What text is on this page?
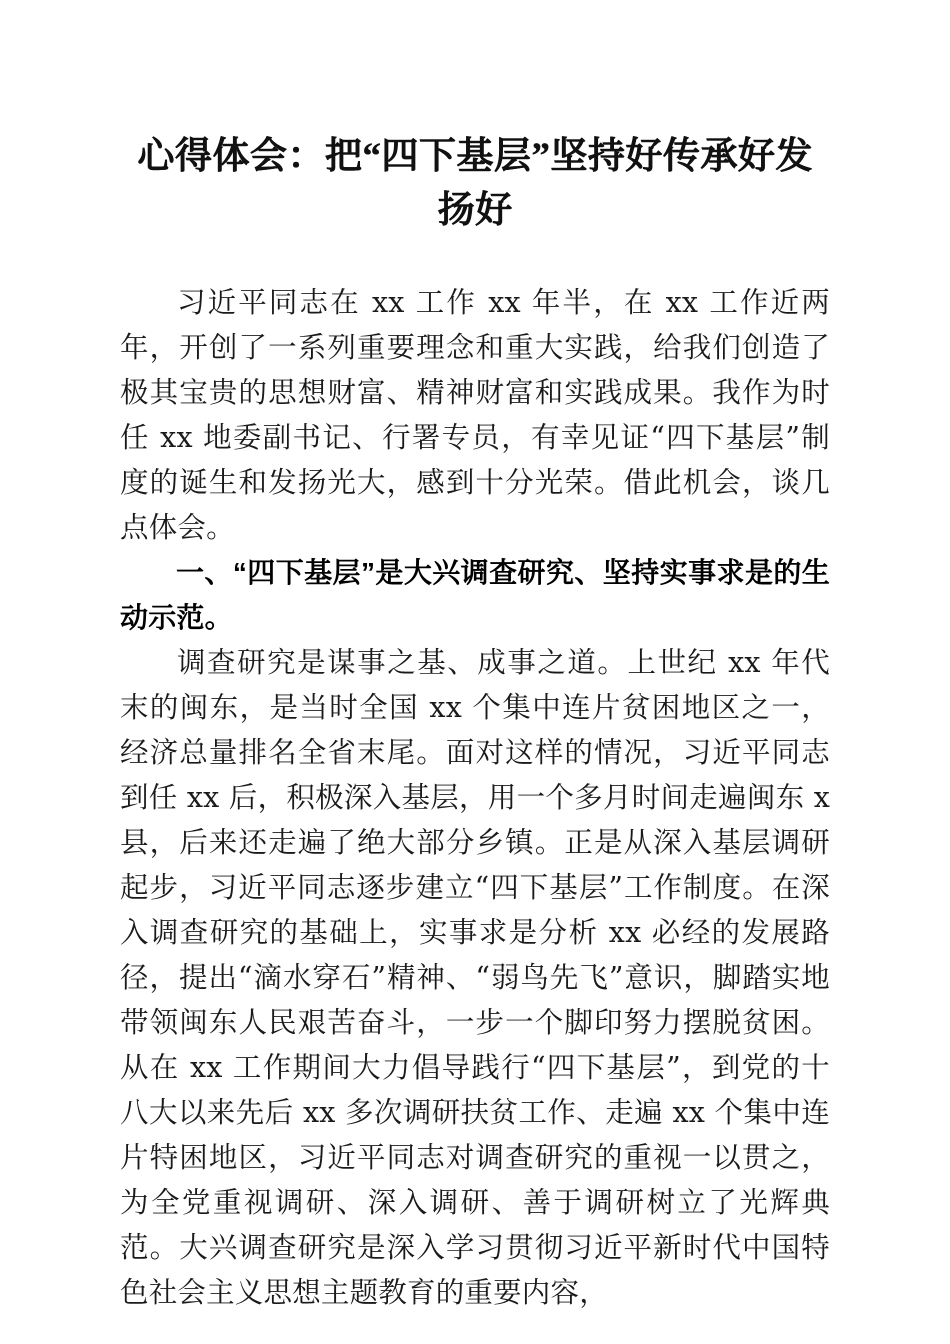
心得体会：把“四下基层”坚持好传承好发扬好

习近平同志在 xx 工作 xx 年半，在 xx 工作近两年，开创了一系列重要理念和重大实践，给我们创造了极其宝贵的思想财富、精神财富和实践成果。我作为时任 xx 地委副书记、行署专员，有幸见证“四下基层”制度的诞生和发扬光大，感到十分光荣。借此机会，谈几点体会。

一、“四下基层”是大兴调查研究、坚持实事求是的生动示范。

调查研究是谋事之基、成事之道。上世纪 xx 年代末的闽东，是当时全国 xx 个集中连片贫困地区之一，经济总量排名全省末尾。面对这样的情况，习近平同志到任 xx 后，积极深入基层，用一个多月时间走遍闽东 x 县，后来还走遍了绝大部分乡镇。正是从深入基层调研起步，习近平同志逐步建立“四下基层”工作制度。在深入调查研究的基础上，实事求是分析 xx 必经的发展路径，提出“滴水穿石”精神、“弱鸟先飞”意识，脚踏实地带领闽东人民艰苦奋斗，一步一个脚印努力摆脱贫困。从在 xx 工作期间大力倡导践行“四下基层”，到党的十八大以来先后 xx 多次调研扶贫工作、走遍 xx 个集中连片特困地区，习近平同志对调查研究的重视一以贯之，为全党重视调研、深入调研、善于调研树立了光辉典范。大兴调查研究是深入学习贯彻习近平新时代中国特色社会主义思想主题教育的重要内容，
